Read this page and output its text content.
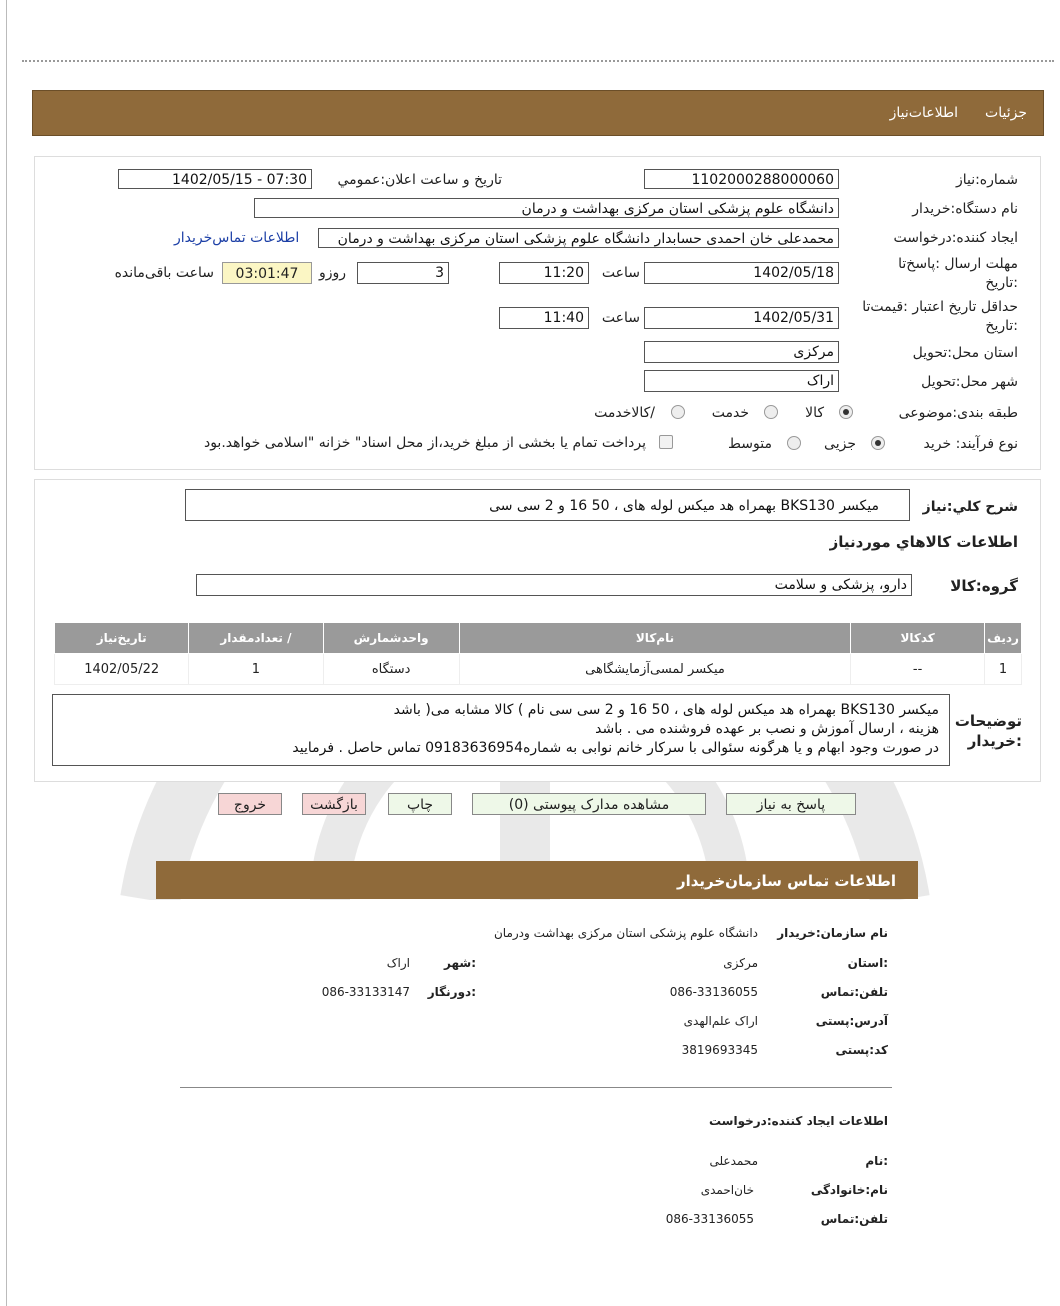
جزئيات
اطلاعات‌نیاز
شماره:نیاز
1102000288000060
تاريخ و ساعت اعلان:عمومي
1402/05/15 - 07:30
نام دستگاه:خریدار
دانشگاه علوم پزشکی استان مرکزی بهداشت و درمان
ایجاد کننده:درخواست
محمدعلی خان احمدی حسابدار دانشگاه علوم پزشکی استان مرکزی بهداشت و درمان
اطلاعات تماس‌خریدار
مهلت ارسال :پاسخ‌تا
:تاریخ
1402/05/18
ساعت
11:20
3
روزو
03:01:47
ساعت باقی‌مانده
حداقل تاریخ اعتبار :قیمت‌تا
:تاریخ
1402/05/31
ساعت
11:40
استان محل:تحویل
مرکزی
شهر محل:تحویل
اراک
طبقه بندی:موضوعی
کالا
خدمت
/کالاخدمت
نوع فرآیند: خرید
جزیی
متوسط
پرداخت تمام یا بخشی از مبلغ خرید،از محل اسناد" خزانه "اسلامی خواهد.بود
شرح کلي:نیاز
میکسر BKS130 بهمراه هد میکس لوله های ، 50 16 و 2 سی سی
اطلاعات کالاهاي موردنیاز
گروه:کالا
دارو، پزشکی و سلامت
ردیف	کدکالا	نام‌کالا	واحدشمارش	/ تعدادمقدار	تاریخ‌نیاز
1	--	میکسر لمسی‌آزمایشگاهی	دستگاه	1	1402/05/22
توضیحات
:خریدار
میکسر BKS130 بهمراه هد میکس لوله های ، 50 16 و 2 سی سی نام ) کالا مشابه می( باشد
هزینه ، ارسال آموزش و نصب بر عهده فروشنده می . باشد
در صورت وجود ابهام و یا هرگونه سئوالی با سرکار خانم نوابی به شماره09183636954 تماس حاصل . فرمایید
پاسخ به نیاز
مشاهده مدارک پیوستی (0)
چاپ
بازگشت
خروج
اطلاعات تماس سازمان‌خریدار
نام سازمان:خریدار
دانشگاه علوم پزشکی استان مرکزی بهداشت ودرمان
:استان
مرکزی
:شهر
اراک
تلفن:تماس
086-33136055
:دورنگار
086-33133147
آدرس:پستی
اراک علم‌الهدی
کد:پستی
3819693345
اطلاعات ایجاد کننده:درخواست
:نام
محمدعلی
نام:خانوادگی
خان‌احمدی
تلفن:تماس
086-33136055
